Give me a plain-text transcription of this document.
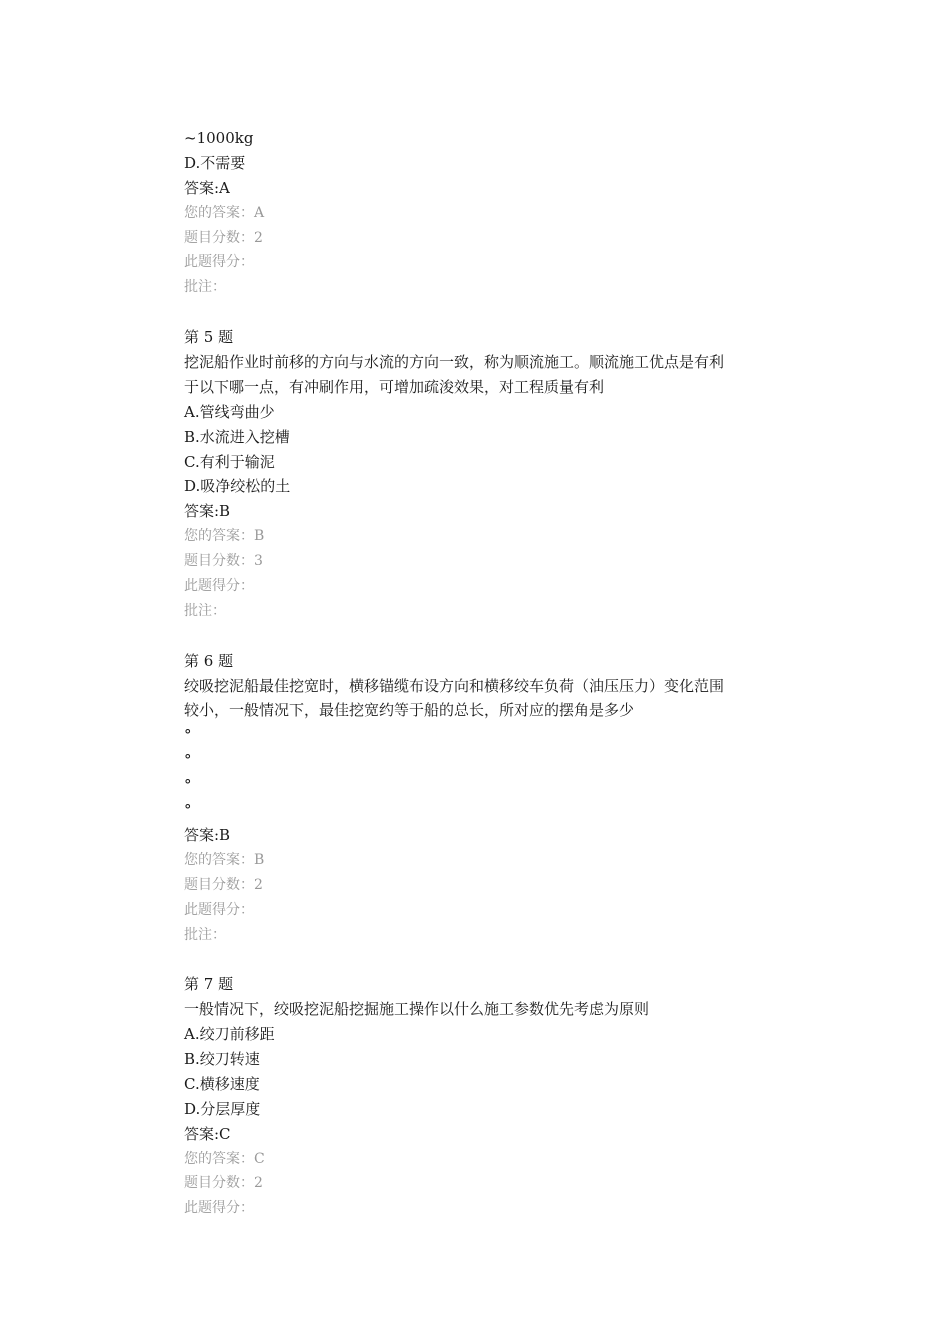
~1000kg
D.不需要
答案:A
您的答案：A
题目分数：2
此题得分：
批注：
第 5 题
挖泥船作业时前移的方向与水流的方向一致，称为顺流施工。顺流施工优点是有利
于以下哪一点，有冲刷作用，可增加疏浚效果，对工程质量有利
A.管线弯曲少
B.水流进入挖槽
C.有利于输泥
D.吸净绞松的土
答案:B
您的答案：B
题目分数：3
此题得分：
批注：
第 6 题
绞吸挖泥船最佳挖宽时，横移锚缆布设方向和横移绞车负荷（油压压力）变化范围
较小，一般情况下，最佳挖宽约等于船的总长，所对应的摆角是多少
°
°
°
°
答案:B
您的答案：B
题目分数：2
此题得分：
批注：
第 7 题
一般情况下，绞吸挖泥船挖掘施工操作以什么施工参数优先考虑为原则
A.绞刀前移距
B.绞刀转速
C.横移速度
D.分层厚度
答案:C
您的答案：C
题目分数：2
此题得分：
